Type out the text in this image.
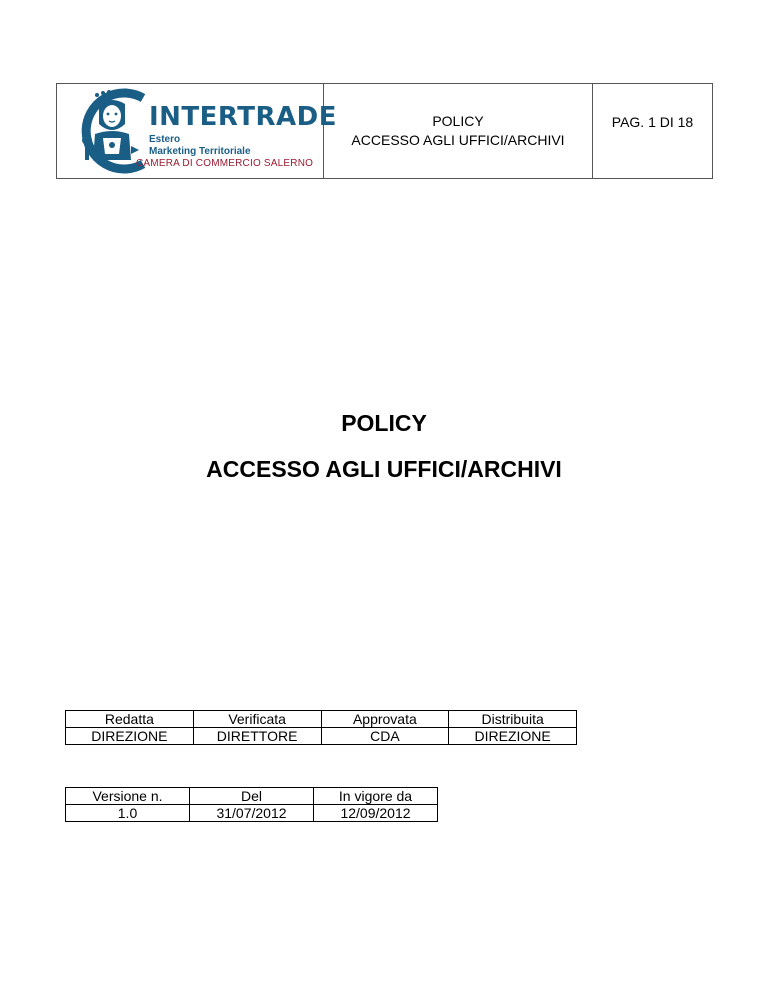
INTERTRADE
Estero
Marketing Territoriale
CAMERA DI COMMERCIO SALERNO

POLICY
ACCESSO AGLI UFFICI/ARCHIVI
	PAG. 1 DI 18
POLICY
ACCESSO AGLI UFFICI/ARCHIVI
Redatta	Verificata	Approvata	Distribuita
DIREZIONE	DIRETTORE	CDA	DIREZIONE
Versione n.	Del	In vigore da
1.0	31/07/2012	12/09/2012
